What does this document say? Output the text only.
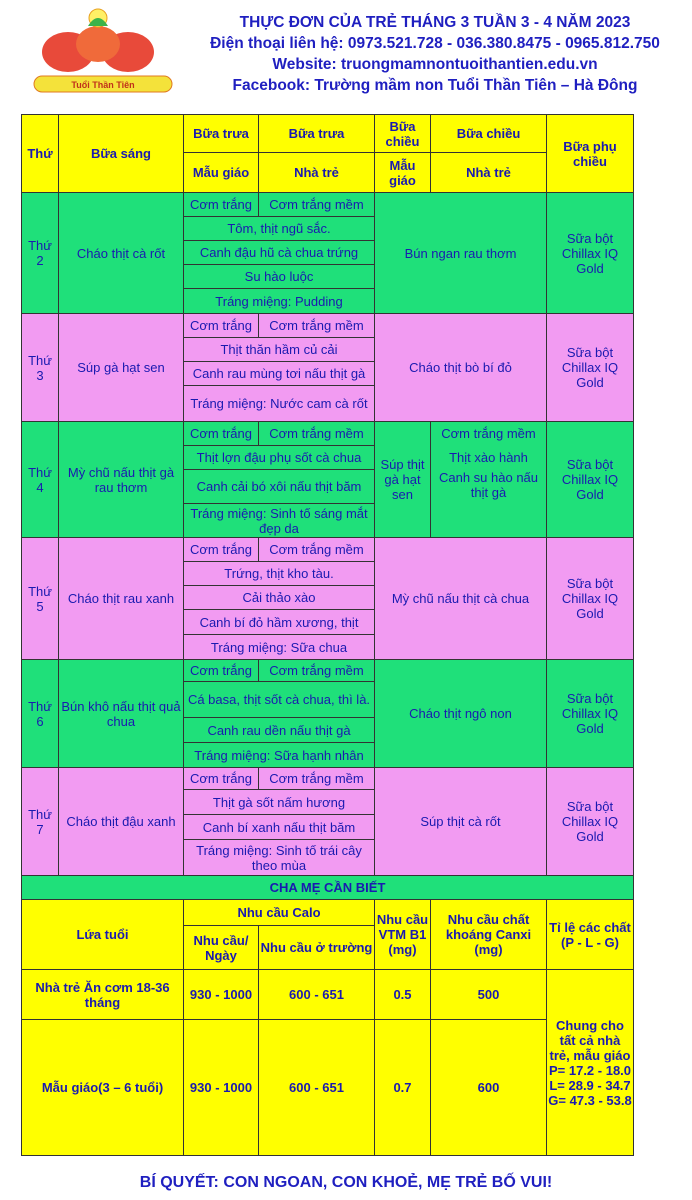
Tuổi Thần Tiên
THỰC ĐƠN CỦA TRẺ THÁNG 3 TUẦN 3 - 4 NĂM 2023
Điện thoại liên hệ: 0973.521.728 - 036.380.8475 - 0965.812.750
Website: truongmamnontuoithantien.edu.vn
Facebook: Trường mầm non Tuổi Thần Tiên – Hà Đông
Thứ	Bữa sáng	Bữa trưa	Bữa trưa	Bữa chiều	Bữa chiều	Bữa phụ chiều
		Mẫu giáo	Nhà trẻ	Mẫu giáo	Nhà trẻ	
Thứ 2	Cháo thịt cà rốt	Cơm trắng	Cơm trắng mềm	Bún ngan rau thơm		Sữa bột Chillax IQ Gold
		Tôm, thịt ngũ sắc.				
		Canh đậu hũ cà chua trứng				
		Su hào luộc				
		Tráng miệng: Pudding				
Thứ 3	Súp gà hạt sen	Cơm trắng	Cơm trắng mềm	Cháo thịt bò bí đỏ		Sữa bột Chillax IQ Gold
		Thịt thăn hầm củ cải				
		Canh rau mùng tơi nấu thịt gà				
		Tráng miệng: Nước cam cà rốt				
Thứ 4	Mỳ chũ nấu thịt gà rau thơm	Cơm trắng	Cơm trắng mềm	Súp thịt gà hạt sen	Cơm trắng mềm	Sữa bột Chillax IQ Gold
		Thịt lợn đậu phụ sốt cà chua			Thịt xào hành	
		Canh cải bó xôi nấu thịt băm			Canh su hào nấu thịt gà	
		Tráng miệng: Sinh tố sáng mắt đẹp da				
Thứ 5	Cháo thịt rau xanh	Cơm trắng	Cơm trắng mềm	Mỳ chũ nấu thịt cà chua		Sữa bột Chillax IQ Gold
		Trứng, thịt kho tàu.				
		Cải thảo xào				
		Canh bí đỏ hầm xương, thịt				
		Tráng miệng: Sữa chua				
Thứ 6	Bún khô nấu thịt quả chua	Cơm trắng	Cơm trắng mềm	Cháo thịt ngô non		Sữa bột Chillax IQ Gold
		Cá basa, thịt sốt cà chua, thì là.				
		Canh rau dền nấu thịt gà				
		Tráng miệng: Sữa hạnh nhân				
Thứ 7	Cháo thịt đậu xanh	Cơm trắng	Cơm trắng mềm	Súp thịt cà rốt		Sữa bột Chillax IQ Gold
		Thịt gà sốt nấm hương				
		Canh bí xanh nấu thịt băm				
		Tráng miệng: Sinh tố trái cây theo mùa				
CHA MẸ CẦN BIẾT						
Lứa tuổi		Nhu cầu Calo		Nhu cầu VTM B1 (mg)	Nhu cầu chất khoáng Canxi (mg)	Tỉ lệ các chất (P - L - G)
		Nhu cầu/ Ngày	Nhu cầu ở trường			
Nhà trẻ Ăn cơm 18-36 tháng		930 - 1000	600 - 651	0.5	500	Chung cho tất cả nhà trẻ, mẫu giáo P= 17.2 - 18.0 L= 28.9 - 34.7 G= 47.3 - 53.8
Mẫu giáo(3 – 6 tuổi)		930 - 1000	600 - 651	0.7	600	
BÍ QUYẾT: CON NGOAN, CON KHOẺ, MẸ TRẺ BỐ VUI!
